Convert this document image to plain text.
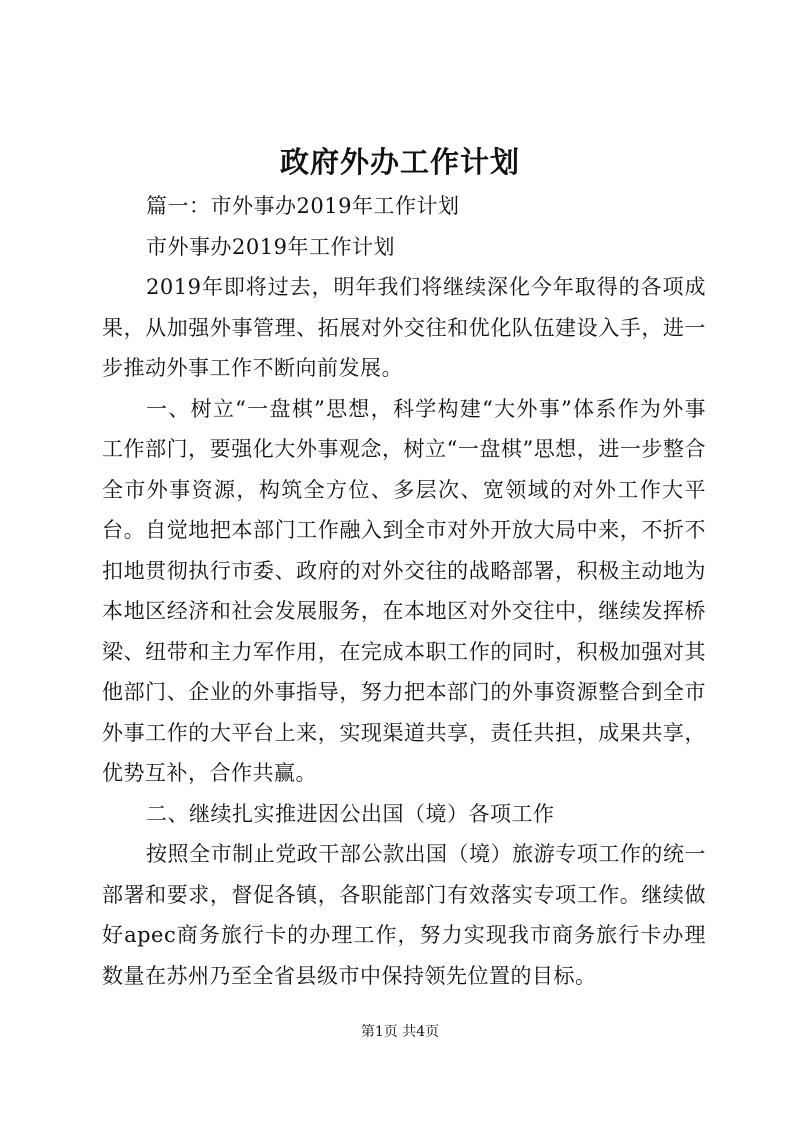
政府外办工作计划

篇一：市外事办2019年工作计划

市外事办2019年工作计划

2019年即将过去，明年我们将继续深化今年取得的各项成果，从加强外事管理、拓展对外交往和优化队伍建设入手，进一步推动外事工作不断向前发展。

一、树立“一盘棋”思想，科学构建“大外事”体系作为外事工作部门，要强化大外事观念，树立“一盘棋”思想，进一步整合全市外事资源，构筑全方位、多层次、宽领域的对外工作大平台。自觉地把本部门工作融入到全市对外开放大局中来，不折不扣地贯彻执行市委、政府的对外交往的战略部署，积极主动地为本地区经济和社会发展服务，在本地区对外交往中，继续发挥桥梁、纽带和主力军作用，在完成本职工作的同时，积极加强对其他部门、企业的外事指导，努力把本部门的外事资源整合到全市外事工作的大平台上来，实现渠道共享，责任共担，成果共享，优势互补，合作共赢。

二、继续扎实推进因公出国（境）各项工作

按照全市制止党政干部公款出国（境）旅游专项工作的统一部署和要求，督促各镇，各职能部门有效落实专项工作。继续做好apec商务旅行卡的办理工作，努力实现我市商务旅行卡办理数量在苏州乃至全省县级市中保持领先位置的目标。

第1页 共4页
